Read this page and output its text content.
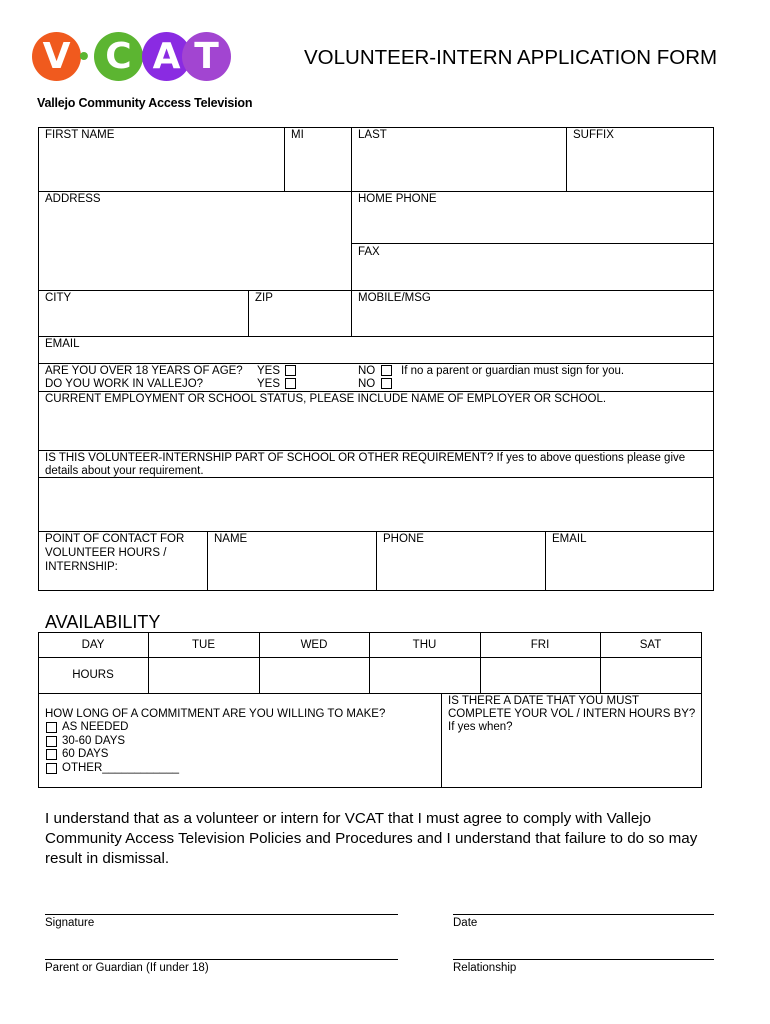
V • C A T
Vallejo Community Access Television
VOLUNTEER-INTERN APPLICATION FORM
FIRST NAME	MI	LAST	SUFFIX
ADDRESS	HOME PHONE
FAX
CITY	ZIP	MOBILE/MSG
EMAIL
ARE YOU OVER 18 YEARS OF AGE? YES	NO If no a parent or guardian must sign for you.
DO YOU WORK IN VALLEJO?	YES	NO
CURRENT EMPLOYMENT OR SCHOOL STATUS, PLEASE INCLUDE NAME OF EMPLOYER OR SCHOOL.
IS THIS VOLUNTEER-INTERNSHIP PART OF SCHOOL OR OTHER REQUIREMENT? If yes to above questions please give
details about your requirement.
POINT OF CONTACT FOR
VOLUNTEER HOURS /
INTERNSHIP:
NAME	PHONE	EMAIL
AVAILABILITY
DAY	TUE	WED	THU	FRI	SAT
HOURS
HOW LONG OF A COMMITMENT ARE YOU WILLING TO MAKE?
AS NEEDED
30-60 DAYS
60 DAYS
OTHER____________
IS THERE A DATE THAT YOU MUST
COMPLETE YOUR VOL / INTERN HOURS BY?
If yes when?
I understand that as a volunteer or intern for VCAT that I must agree to comply with Vallejo
Community Access Television Policies and Procedures and I understand that failure to do so may
result in dismissal.
Signature	Date
Parent or Guardian (If under 18)	Relationship
